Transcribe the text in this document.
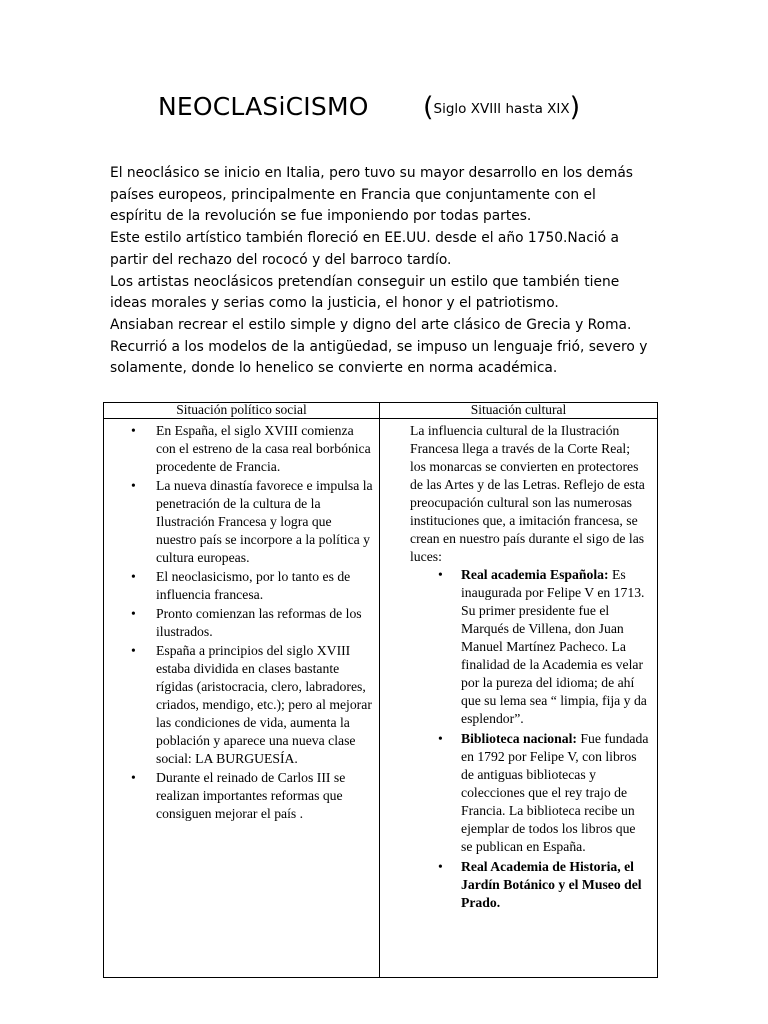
NEOCLASiCISMO (Siglo XVIII hasta XIX)

El neoclásico se inicio en Italia, pero tuvo su mayor desarrollo en los demás

países europeos, principalmente en Francia que conjuntamente con el

espíritu de la revolución se fue imponiendo por todas partes.

Este estilo artístico también floreció en EE.UU. desde el año 1750.Nació a

partir del rechazo del rococó y del barroco tardío.

Los artistas neoclásicos pretendían conseguir un estilo que también tiene

ideas morales y serias como la justicia, el honor y el patriotismo.

Ansiaban recrear el estilo simple y digno del arte clásico de Grecia y Roma.

Recurrió a los modelos de la antigüedad, se impuso un lenguaje frió, severo y

solamente, donde lo henelico se convierte en norma académica.

Situación político social	Situación cultural
• En España, el siglo XVIII comienza con el estreno de la casa real borbónica procedente de Francia.
• La nueva dinastía favorece e impulsa la penetración de la cultura de la Ilustración Francesa y logra que nuestro país se incorpore a la política y cultura europeas.
• El neoclasicismo, por lo tanto es de influencia francesa.
• Pronto comienzan las reformas de los ilustrados.
• España a principios del siglo XVIII estaba dividida en clases bastante rígidas (aristocracia, clero, labradores, criados, mendigo, etc.); pero al mejorar las condiciones de vida, aumenta la población y aparece una nueva clase social: LA BURGUESÍA.
• Durante el reinado de Carlos III se realizan importantes reformas que consiguen mejorar el país .
La influencia cultural de la Ilustración Francesa llega a través de la Corte Real; los monarcas se convierten en protectores de las Artes y de las Letras. Reflejo de esta preocupación cultural son las numerosas instituciones que, a imitación francesa, se crean en nuestro país durante el sigo de las luces:
• Real academia Española: Es inaugurada por Felipe V en 1713. Su primer presidente fue el Marqués de Villena, don Juan Manuel Martínez Pacheco. La finalidad de la Academia es velar por la pureza del idioma; de ahí que su lema sea “ limpia, fija y da esplendor”.
• Biblioteca nacional: Fue fundada en 1792 por Felipe V, con libros de antiguas bibliotecas y colecciones que el rey trajo de Francia. La biblioteca recibe un ejemplar de todos los libros que se publican en España.
• Real Academia de Historia, el Jardín Botánico y el Museo del Prado.
